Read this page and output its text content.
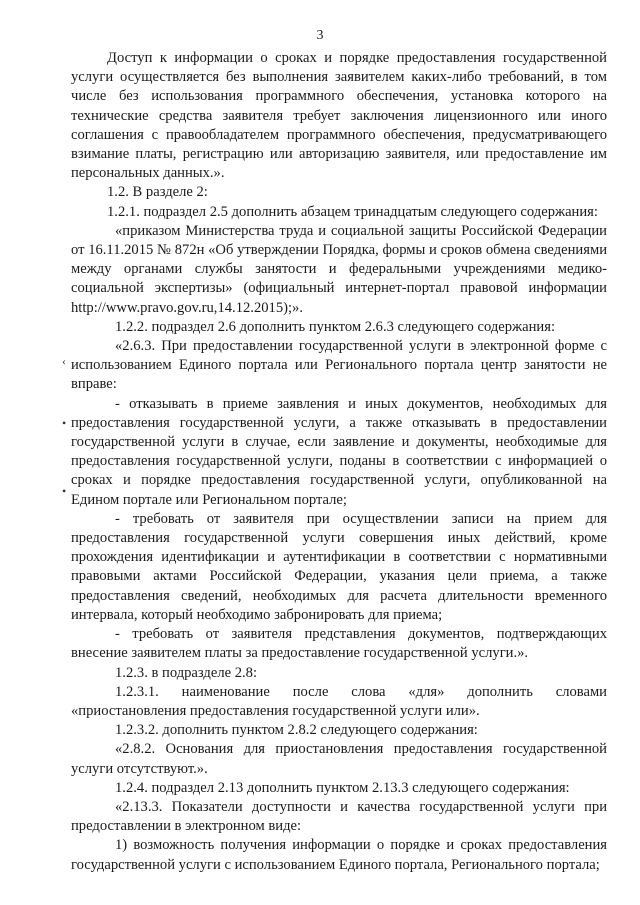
3
‹
•
•

Доступ к информации о сроках и порядке предоставления государственной услуги осуществляется без выполнения заявителем каких-либо требований, в том числе без использования программного обеспечения, установка которого на технические средства заявителя требует заключения лицензионного или иного соглашения с правообладателем программного обеспечения, предусматривающего взимание платы, регистрацию или авторизацию заявителя, или предоставление им персональных данных.».

1.2. В разделе 2:

1.2.1. подраздел 2.5 дополнить абзацем тринадцатым следующего содержания:

«приказом Министерства труда и социальной защиты Российской Федерации от 16.11.2015 № 872н «Об утверждении Порядка, формы и сроков обмена сведениями между органами службы занятости и федеральными учреждениями медико-социальной экспертизы» (официальный интернет-портал правовой информации http://www.pravo.gov.ru,14.12.2015);».

1.2.2. подраздел 2.6 дополнить пунктом 2.6.3 следующего содержания:

«2.6.3. При предоставлении государственной услуги в электронной форме с использованием Единого портала или Регионального портала центр занятости не вправе:

- отказывать в приеме заявления и иных документов, необходимых для предоставления государственной услуги, а также отказывать в предоставлении государственной услуги в случае, если заявление и документы, необходимые для предоставления государственной услуги, поданы в соответствии с информацией о сроках и порядке предоставления государственной услуги, опубликованной на Едином портале или Региональном портале;

- требовать от заявителя при осуществлении записи на прием для предоставления государственной услуги совершения иных действий, кроме прохождения идентификации и аутентификации в соответствии с нормативными правовыми актами Российской Федерации, указания цели приема, а также предоставления сведений, необходимых для расчета длительности временного интервала, который необходимо забронировать для приема;

- требовать от заявителя представления документов, подтверждающих внесение заявителем платы за предоставление государственной услуги.».

1.2.3. в подразделе 2.8:

1.2.3.1. наименование после слова «для» дополнить словами «приостановления предоставления государственной услуги или».

1.2.3.2. дополнить пунктом 2.8.2 следующего содержания:

«2.8.2. Основания для приостановления предоставления государственной услуги отсутствуют.».

1.2.4. подраздел 2.13 дополнить пунктом 2.13.3 следующего содержания:

«2.13.3. Показатели доступности и качества государственной услуги при предоставлении в электронном виде:

1) возможность получения информации о порядке и сроках предоставления государственной услуги с использованием Единого портала, Регионального портала;
